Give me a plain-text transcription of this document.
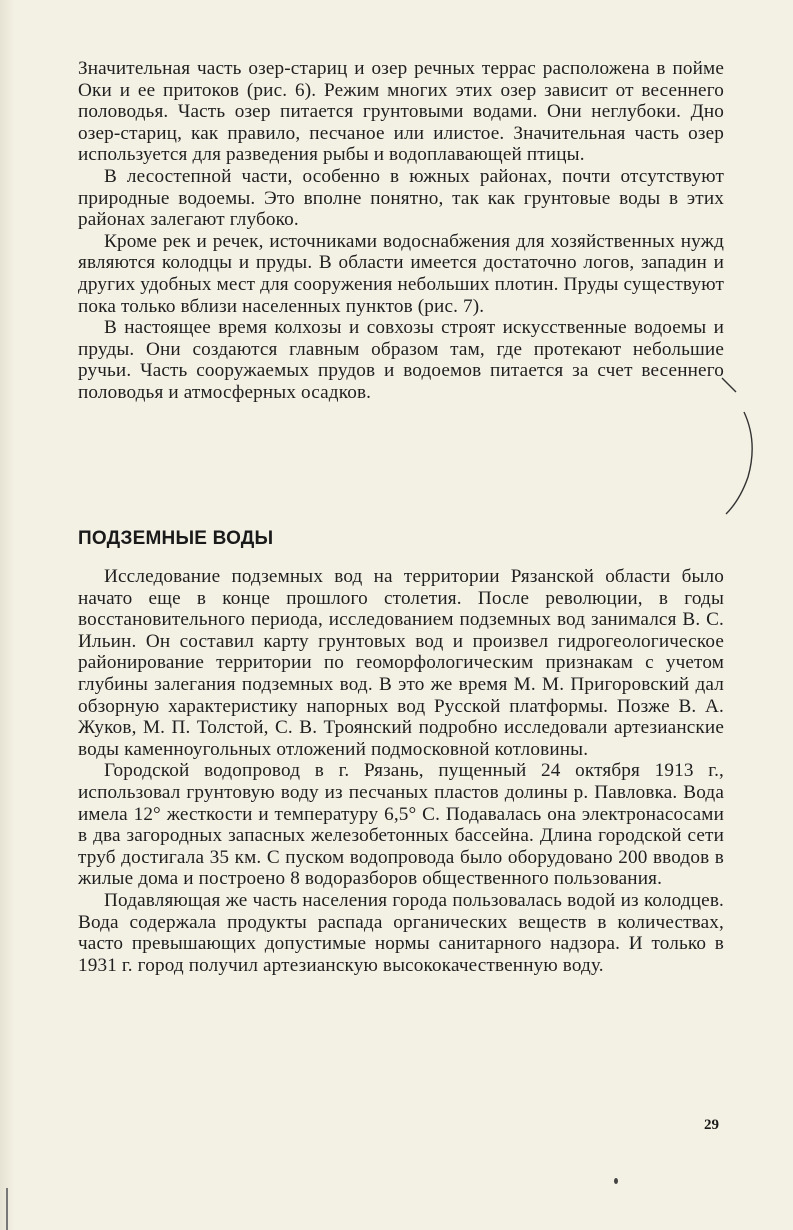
Значительная часть озер-стариц и озер речных террас расположена в пойме Оки и ее притоков (рис. 6). Режим многих этих озер зависит от весеннего половодья. Часть озер питается грунтовыми водами. Они неглубоки. Дно озер-стариц, как правило, песчаное или илистое. Значительная часть озер используется для разведения рыбы и водоплавающей птицы.

В лесостепной части, особенно в южных районах, почти отсутствуют природные водоемы. Это вполне понятно, так как грунтовые воды в этих районах залегают глубоко.

Кроме рек и речек, источниками водоснабжения для хозяйственных нужд являются колодцы и пруды. В области имеется достаточно логов, западин и других удобных мест для сооружения небольших плотин. Пруды существуют пока только вблизи населенных пунктов (рис. 7).

В настоящее время колхозы и совхозы строят искусственные водоемы и пруды. Они создаются главным образом там, где протекают небольшие ручьи. Часть сооружаемых прудов и водоемов питается за счет весеннего половодья и атмосферных осадков.

ПОДЗЕМНЫЕ ВОДЫ

Исследование подземных вод на территории Рязанской области было начато еще в конце прошлого столетия. После революции, в годы восстановительного периода, исследованием подземных вод занимался В. С. Ильин. Он составил карту грунтовых вод и произвел гидрогеологическое районирование территории по геоморфологическим признакам с учетом глубины залегания подземных вод. В это же время М. М. Пригоровский дал обзорную характеристику напорных вод Русской платформы. Позже В. А. Жуков, М. П. Толстой, С. В. Троянский подробно исследовали артезианские воды каменноугольных отложений подмосковной котловины.

Городской водопровод в г. Рязань, пущенный 24 октября 1913 г., использовал грунтовую воду из песчаных пластов долины р. Павловка. Вода имела 12° жесткости и температуру 6,5° С. Подавалась она электронасосами в два загородных запасных железобетонных бассейна. Длина городской сети труб достигала 35 км. С пуском водопровода было оборудовано 200 вводов в жилые дома и построено 8 водоразборов общественного пользования.

Подавляющая же часть населения города пользовалась водой из колодцев. Вода содержала продукты распада органических веществ в количествах, часто превышающих допустимые нормы санитарного надзора. И только в 1931 г. город получил артезианскую высококачественную воду.

29
